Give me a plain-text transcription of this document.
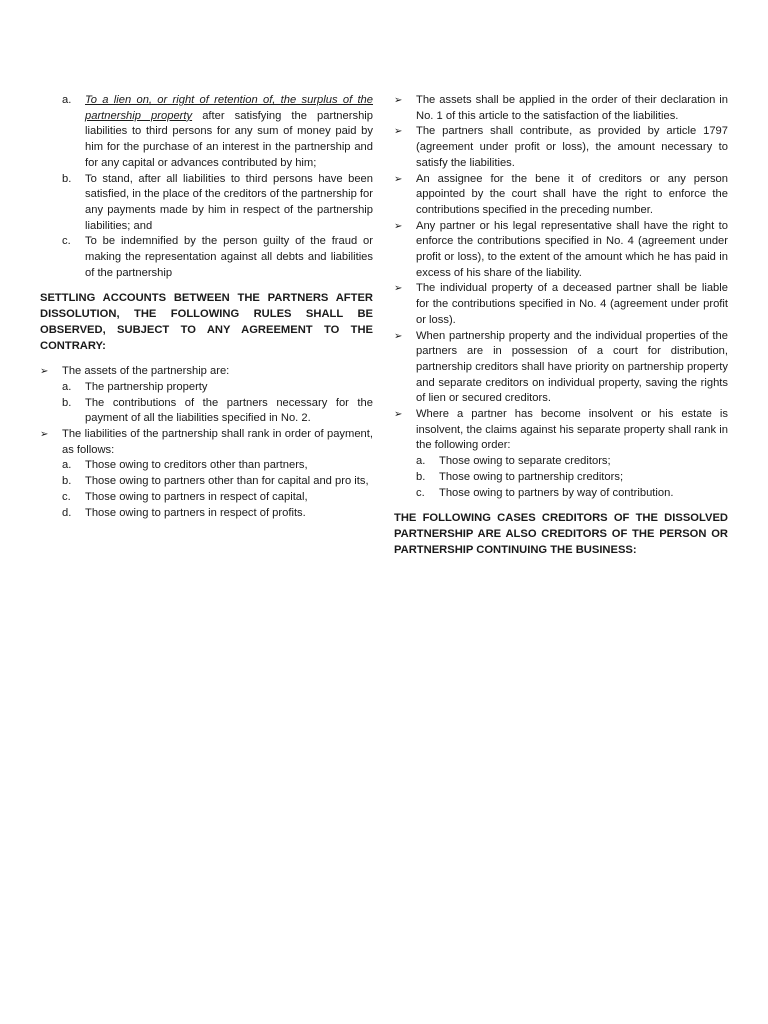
a.	To a lien on, or right of retention of, the surplus of the partnership property after satisfying the partnership liabilities to third persons for any sum of money paid by him for the purchase of an interest in the partnership and for any capital or advances contributed by him;
b.	To stand, after all liabilities to third persons have been satisfied, in the place of the creditors of the partnership for any payments made by him in respect of the partnership liabilities; and
c.	To be indemnified by the person guilty of the fraud or making the representation against all debts and liabilities of the partnership
SETTLING ACCOUNTS BETWEEN THE PARTNERS AFTER DISSOLUTION, THE FOLLOWING RULES SHALL BE OBSERVED, SUBJECT TO ANY AGREEMENT TO THE CONTRARY:
➢	The assets of the partnership are:
a.	The partnership property
b.	The contributions of the partners necessary for the payment of all the liabilities specified in No. 2.
➢	The liabilities of the partnership shall rank in order of payment, as follows:
a.	Those owing to creditors other than partners,
b.	Those owing to partners other than for capital and pro its,
c.	Those owing to partners in respect of capital,
d.	Those owing to partners in respect of profits.
➢	The assets shall be applied in the order of their declaration in No. 1 of this article to the satisfaction of the liabilities.
➢	The partners shall contribute, as provided by article 1797 (agreement under profit or loss), the amount necessary to satisfy the liabilities.
➢	An assignee for the bene it of creditors or any person appointed by the court shall have the right to enforce the contributions specified in the preceding number.
➢	Any partner or his legal representative shall have the right to enforce the contributions specified in No. 4 (agreement under profit or loss), to the extent of the amount which he has paid in excess of his share of the liability.
➢	The individual property of a deceased partner shall be liable for the contributions specified in No. 4 (agreement under profit or loss).
➢	When partnership property and the individual properties of the partners are in possession of a court for distribution, partnership creditors shall have priority on partnership property and separate creditors on individual property, saving the rights of lien or secured creditors.
➢	Where a partner has become insolvent or his estate is insolvent, the claims against his separate property shall rank in the following order:
a.	Those owing to separate creditors;
b.	Those owing to partnership creditors;
c.	Those owing to partners by way of contribution.
THE FOLLOWING CASES CREDITORS OF THE DISSOLVED PARTNERSHIP ARE ALSO CREDITORS OF THE PERSON OR PARTNERSHIP CONTINUING THE BUSINESS:
